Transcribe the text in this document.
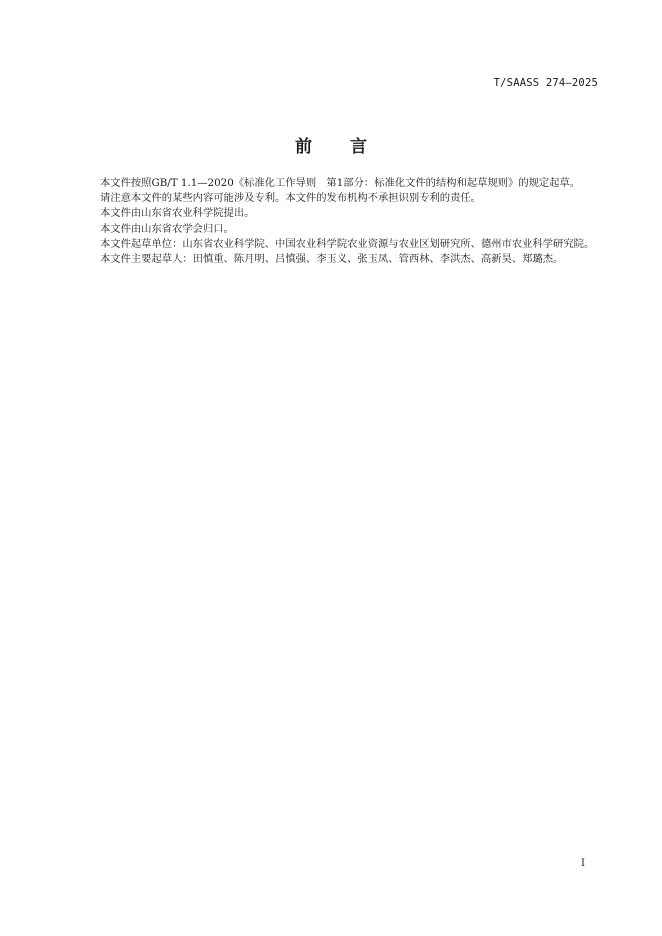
T/SAASS 274—2025
前 言

本文件按照GB/T 1.1—2020《标准化工作导则　第1部分：标准化文件的结构和起草规则》的规定起草。

请注意本文件的某些内容可能涉及专利。本文件的发布机构不承担识别专利的责任。

本文件由山东省农业科学院提出。

本文件由山东省农学会归口。

本文件起草单位：山东省农业科学院、中国农业科学院农业资源与农业区划研究所、德州市农业科学研究院。

本文件主要起草人：田慎重、陈月明、吕慎强、李玉义、张玉凤、管西林、李洪杰、高新昊、郑璐杰。

I
